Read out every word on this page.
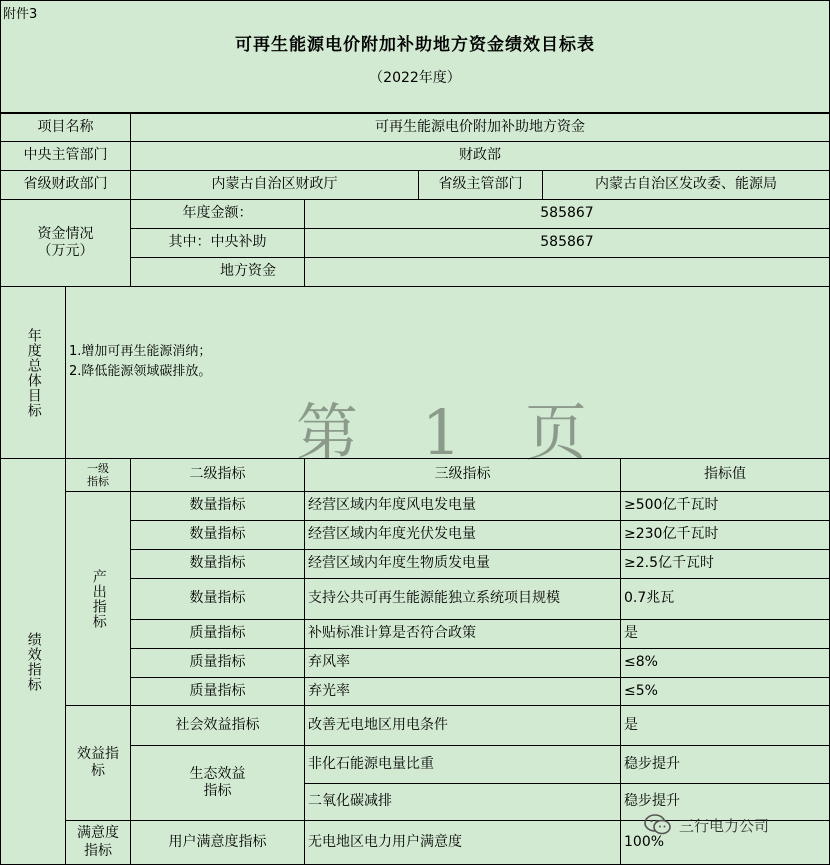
附件3
可再生能源电价附加补助地方资金绩效目标表
（2022年度）
项目名称	可再生能源电价附加补助地方资金
中央主管部门	财政部
省级财政部门	内蒙古自治区财政厅	省级主管部门	内蒙古自治区发改委、能源局
资金情况
（万元）
年度金额：	585867
其中：中央补助	585867
地方资金
年度总体目标	1.增加可再生能源消纳；
2.降低能源领域碳排放。
第 1 页
绩效指标
一级
指标	二级指标	三级指标	指标值
产出指标
数量指标	经营区域内年度风电发电量	≥500亿千瓦时
数量指标	经营区域内年度光伏发电量	≥230亿千瓦时
数量指标	经营区域内年度生物质发电量	≥2.5亿千瓦时
数量指标	支持公共可再生能源能独立系统项目规模	0.7兆瓦
质量指标	补贴标准计算是否符合政策	是
质量指标	弃风率	≤8%
质量指标	弃光率	≤5%
效益指标
社会效益指标	改善无电地区用电条件	是
生态效益
指标
非化石能源电量比重	稳步提升
二氧化碳减排	稳步提升
满意度
指标
用户满意度指标	无电地区电力用户满意度	100%
三行电力公司
